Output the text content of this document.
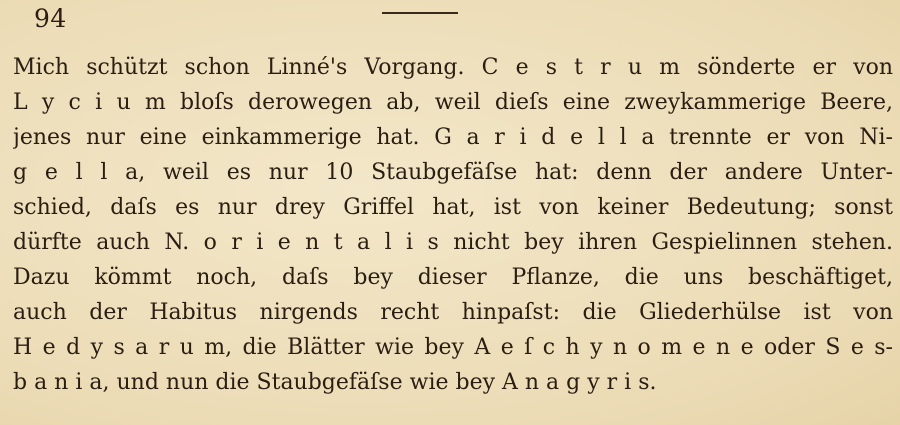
94
Mich schützt schon Linné's Vorgang. C e s t r u m sönderte er von
L y c i u m bloſs derowegen ab, weil dieſs eine zweykammerige Beere,
jenes nur eine einkammerige hat. G a r i d e l l a trennte er von Ni-
g e l l a, weil es nur 10 Staubgefäſse hat: denn der andere Unter-
schied, daſs es nur drey Griffel hat, ist von keiner Bedeutung; sonst
dürfte auch N. o r i e n t a l i s nicht bey ihren Gespielinnen stehen.
Dazu kömmt noch, daſs bey dieser Pflanze, die uns beschäftiget,
auch der Habitus nirgends recht hinpaſst: die Gliederhülse ist von
H e d y s a r u m, die Blätter wie bey A e ſ c h y n o m e n e oder S e s-
b a n i a, und nun die Staubgefäſse wie bey A n a g y r i s.
